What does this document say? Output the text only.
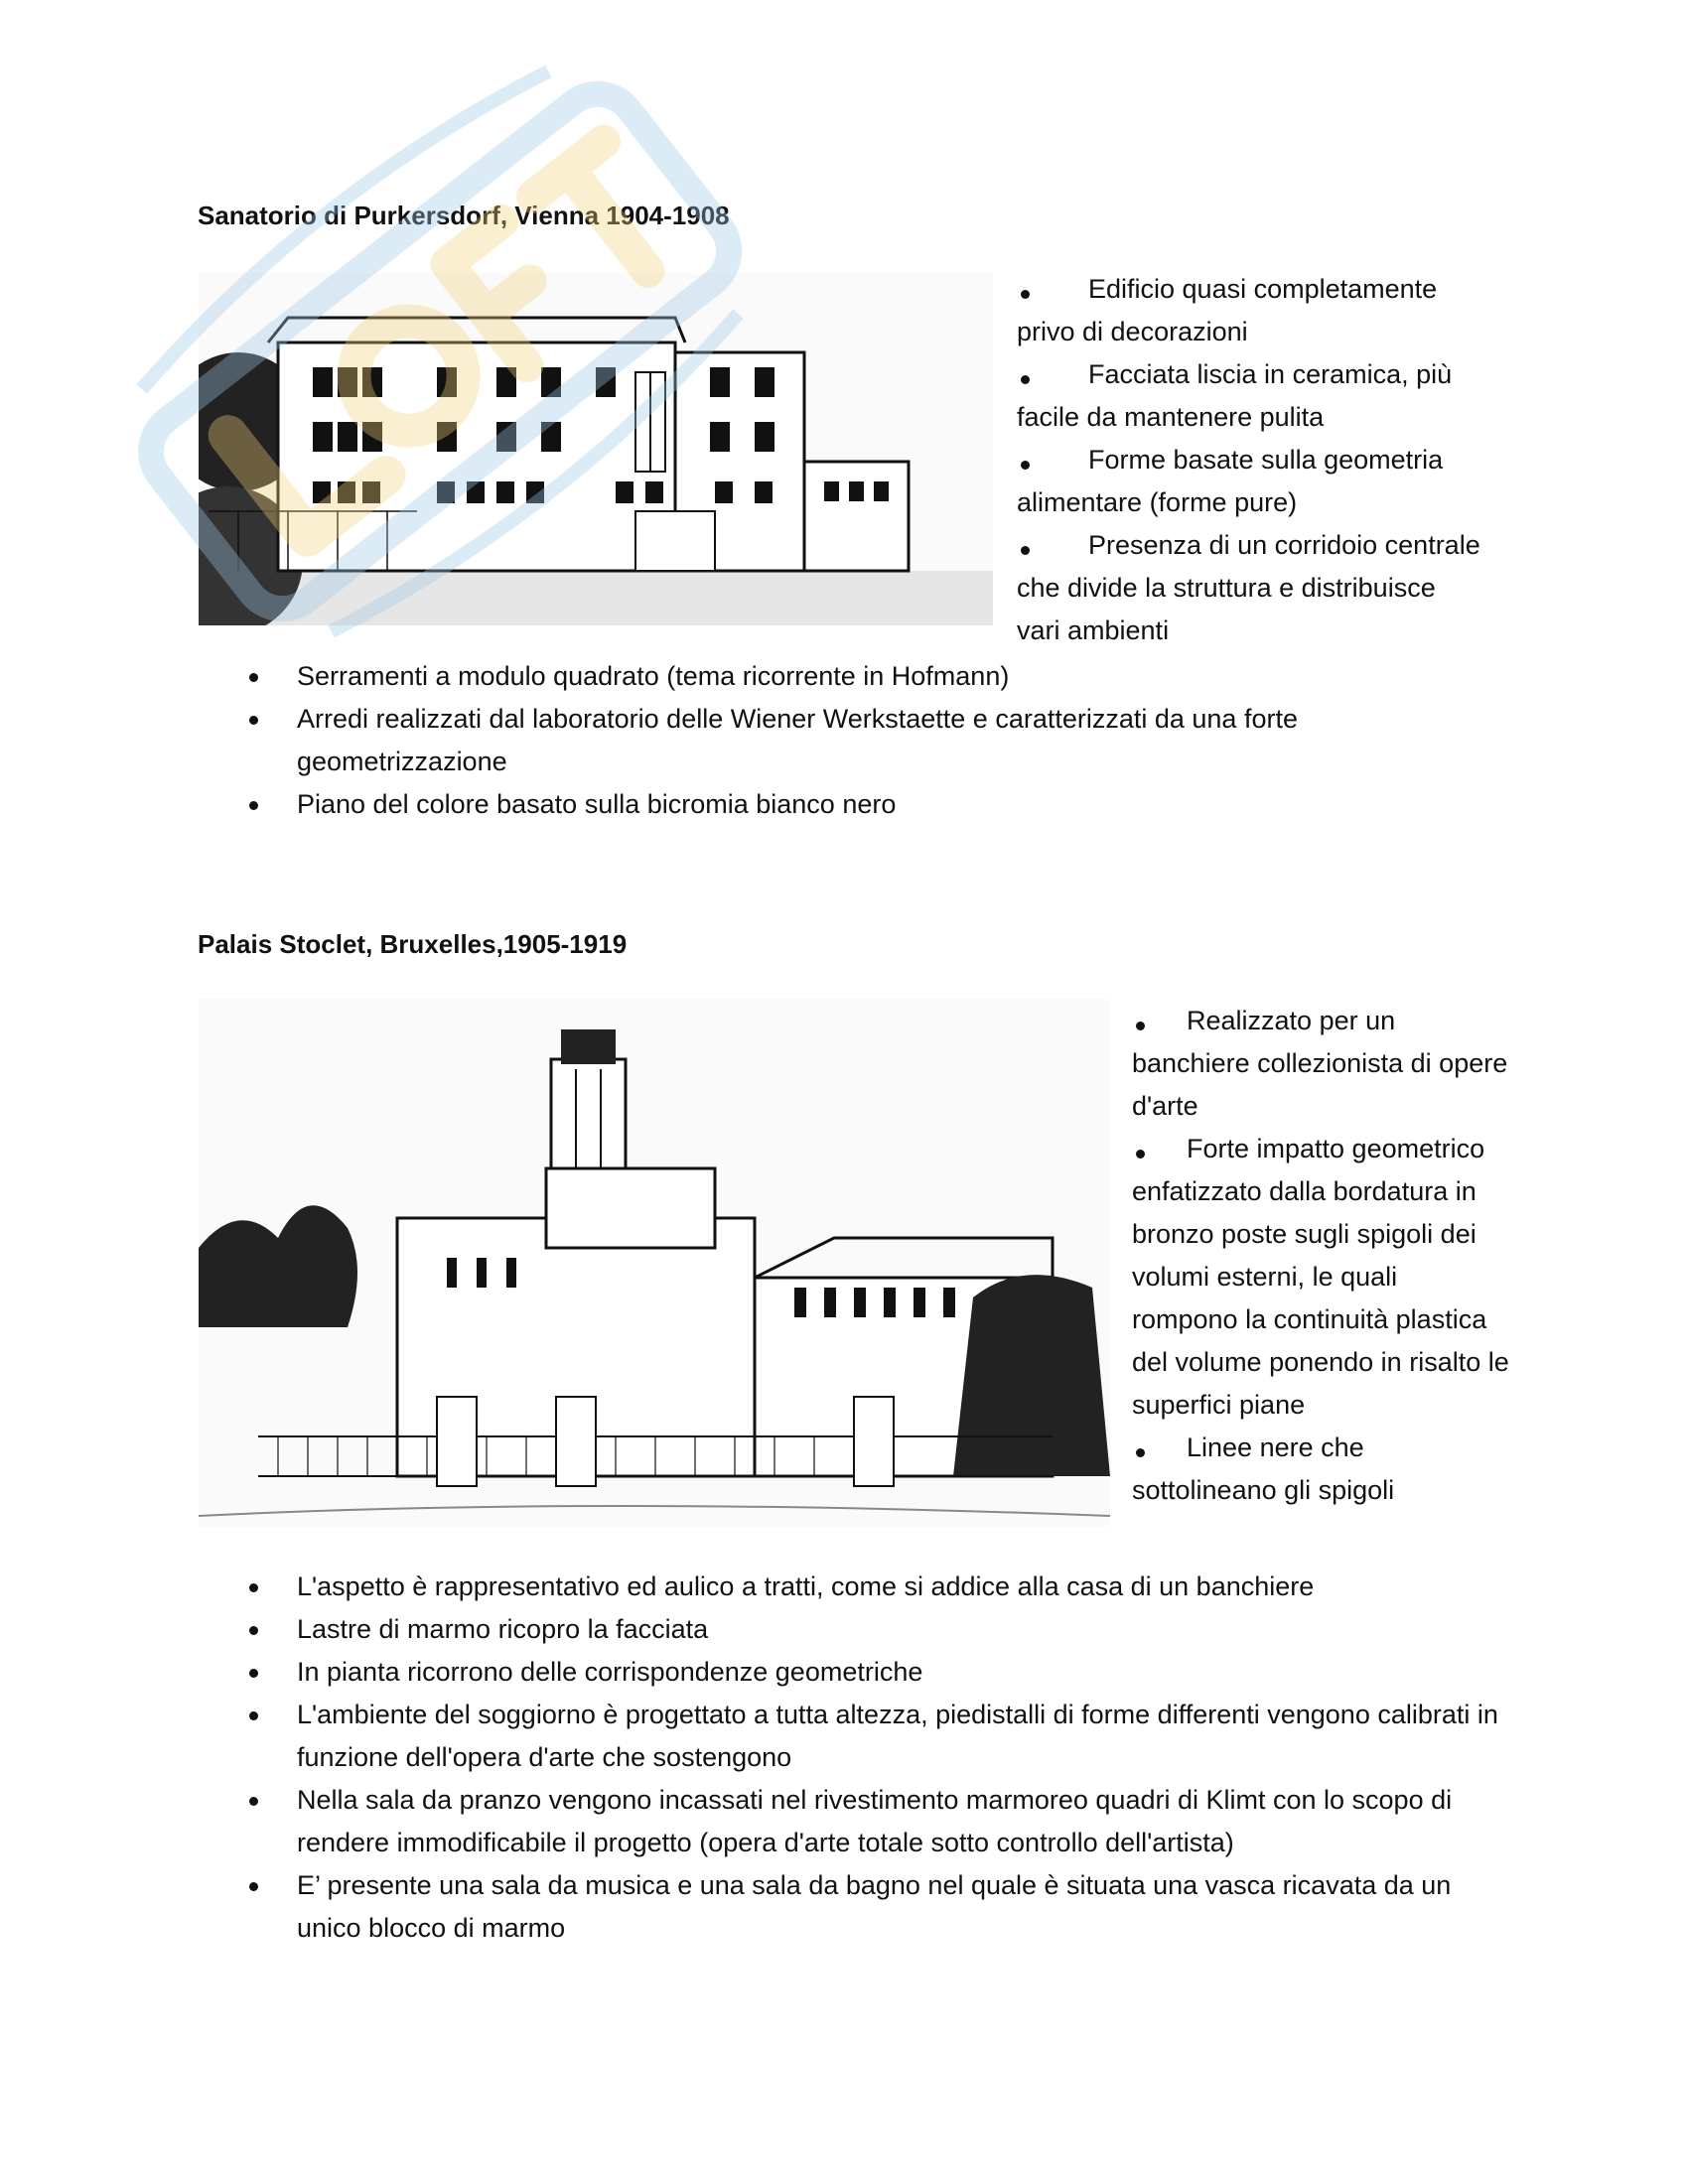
Sanatorio di Purkersdorf, Vienna 1904-1908
Edificio quasi completamente privo di decorazioni
Facciata liscia in ceramica, più facile da mantenere pulita
Forme basate sulla geometria alimentare (forme pure)
Presenza di un corridoio centrale che divide la struttura e distribuisce vari ambienti
Serramenti a modulo quadrato (tema ricorrente in Hofmann)
Arredi realizzati dal laboratorio delle Wiener Werkstaette e caratterizzati da una forte geometrizzazione
Piano del colore basato sulla bicromia bianco nero
Palais Stoclet, Bruxelles,1905-1919
Realizzato per un banchiere collezionista di opere d'arte
Forte impatto geometrico enfatizzato dalla bordatura in bronzo poste sugli spigoli dei volumi esterni, le quali rompono la continuità plastica del volume ponendo in risalto le superfici piane
Linee nere che sottolineano gli spigoli
L'aspetto è rappresentativo ed aulico a tratti, come si addice alla casa di un banchiere
Lastre di marmo ricopro la facciata
In pianta ricorrono delle corrispondenze geometriche
L'ambiente del soggiorno è progettato a tutta altezza, piedistalli di forme differenti vengono calibrati in funzione dell'opera d'arte che sostengono
Nella sala da pranzo vengono incassati nel rivestimento marmoreo quadri di Klimt con lo scopo di rendere immodificabile il progetto (opera d'arte totale sotto controllo dell'artista)
E’ presente una sala da musica e una sala da bagno nel quale è situata una vasca ricavata da un unico blocco di marmo
